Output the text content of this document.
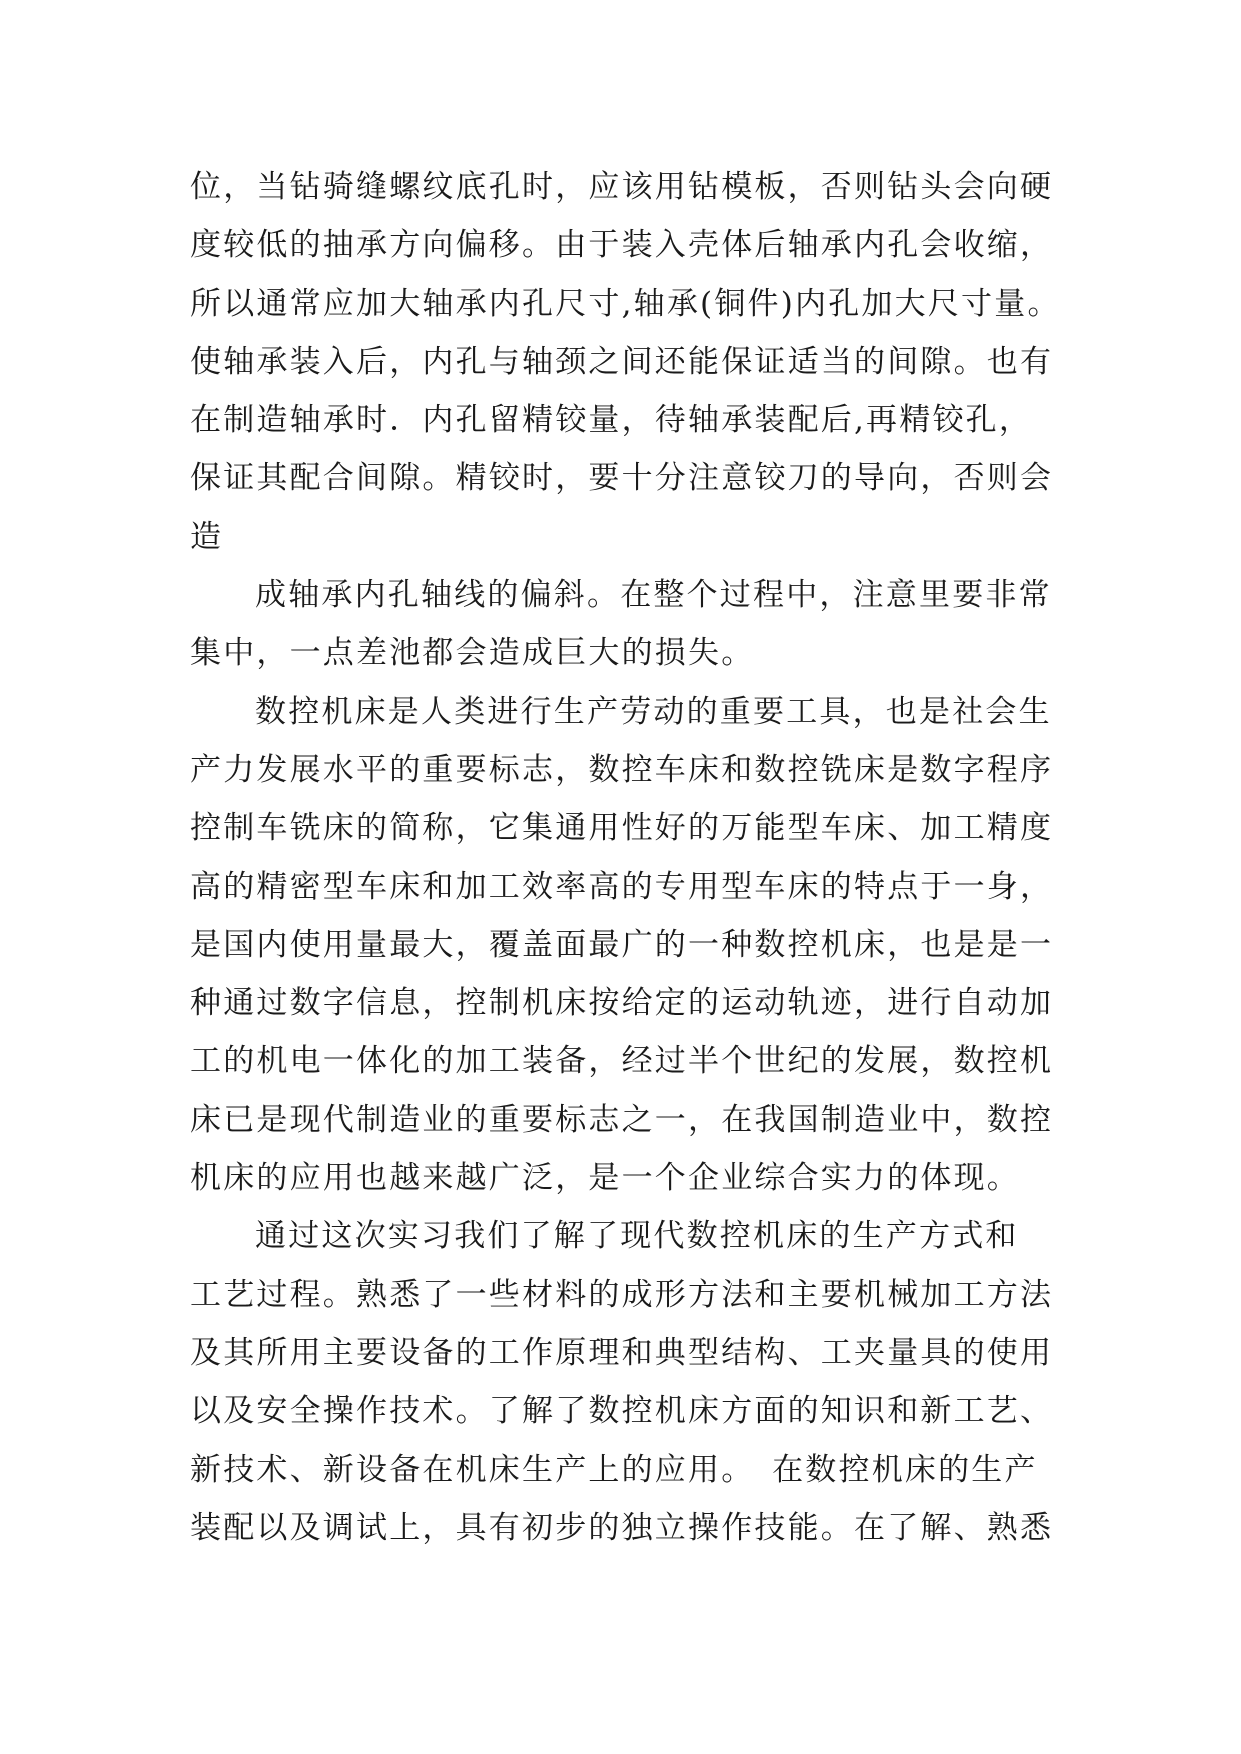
位，当钻骑缝螺纹底孔时，应该用钻模板，否则钻头会向硬
度较低的抽承方向偏移。由于装入壳体后轴承内孔会收缩，
所以通常应加大轴承内孔尺寸,轴承(铜件)内孔加大尺寸量。
使轴承装入后，内孔与轴颈之间还能保证适当的间隙。也有
在制造轴承时．内孔留精铰量，待轴承装配后,再精铰孔，
保证其配合间隙。精铰时，要十分注意铰刀的导向，否则会
造
成轴承内孔轴线的偏斜。在整个过程中，注意里要非常
集中，一点差池都会造成巨大的损失。
数控机床是人类进行生产劳动的重要工具，也是社会生
产力发展水平的重要标志，数控车床和数控铣床是数字程序
控制车铣床的简称，它集通用性好的万能型车床、加工精度
高的精密型车床和加工效率高的专用型车床的特点于一身，
是国内使用量最大，覆盖面最广的一种数控机床，也是是一
种通过数字信息，控制机床按给定的运动轨迹，进行自动加
工的机电一体化的加工装备，经过半个世纪的发展，数控机
床已是现代制造业的重要标志之一，在我国制造业中，数控
机床的应用也越来越广泛，是一个企业综合实力的体现。
通过这次实习我们了解了现代数控机床的生产方式和
工艺过程。熟悉了一些材料的成形方法和主要机械加工方法
及其所用主要设备的工作原理和典型结构、工夹量具的使用
以及安全操作技术。了解了数控机床方面的知识和新工艺、
新技术、新设备在机床生产上的应用。　在数控机床的生产
装配以及调试上，具有初步的独立操作技能。在了解、熟悉
